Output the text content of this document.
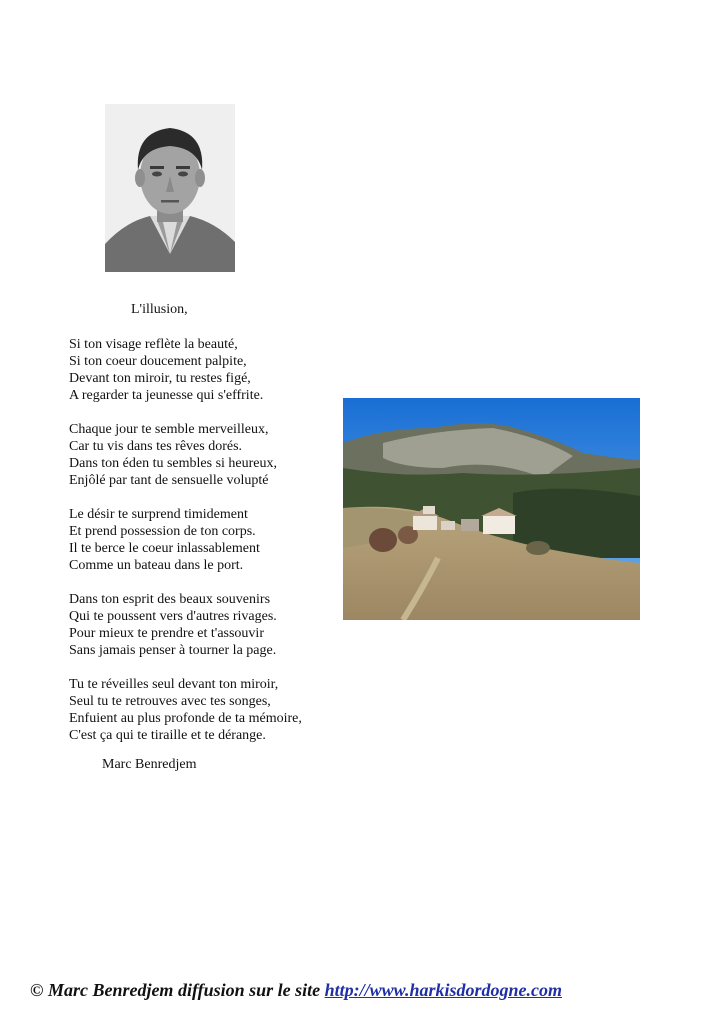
L'illusion,
Si ton visage reflète la beauté,
Si ton coeur doucement palpite,
Devant ton miroir, tu restes figé,
A regarder ta jeunesse qui s'effrite.
Chaque jour te semble merveilleux,
Car tu vis dans tes rêves dorés.
Dans ton éden tu sembles si heureux,
Enjôlé par tant de sensuelle volupté
Le désir te surprend timidement
Et prend possession de ton corps.
Il te berce le coeur inlassablement
Comme un bateau dans le port.
Dans ton esprit des beaux souvenirs
Qui te poussent vers d'autres rivages.
Pour mieux te prendre et t'assouvir
Sans jamais penser à tourner la page.
Tu te réveilles seul devant ton miroir,
Seul tu te retrouves avec tes songes,
Enfuient au plus profonde de ta mémoire,
C'est ça qui te tiraille et te dérange.
Marc Benredjem
© Marc Benredjem diffusion sur le site http://www.harkisdordogne.com
